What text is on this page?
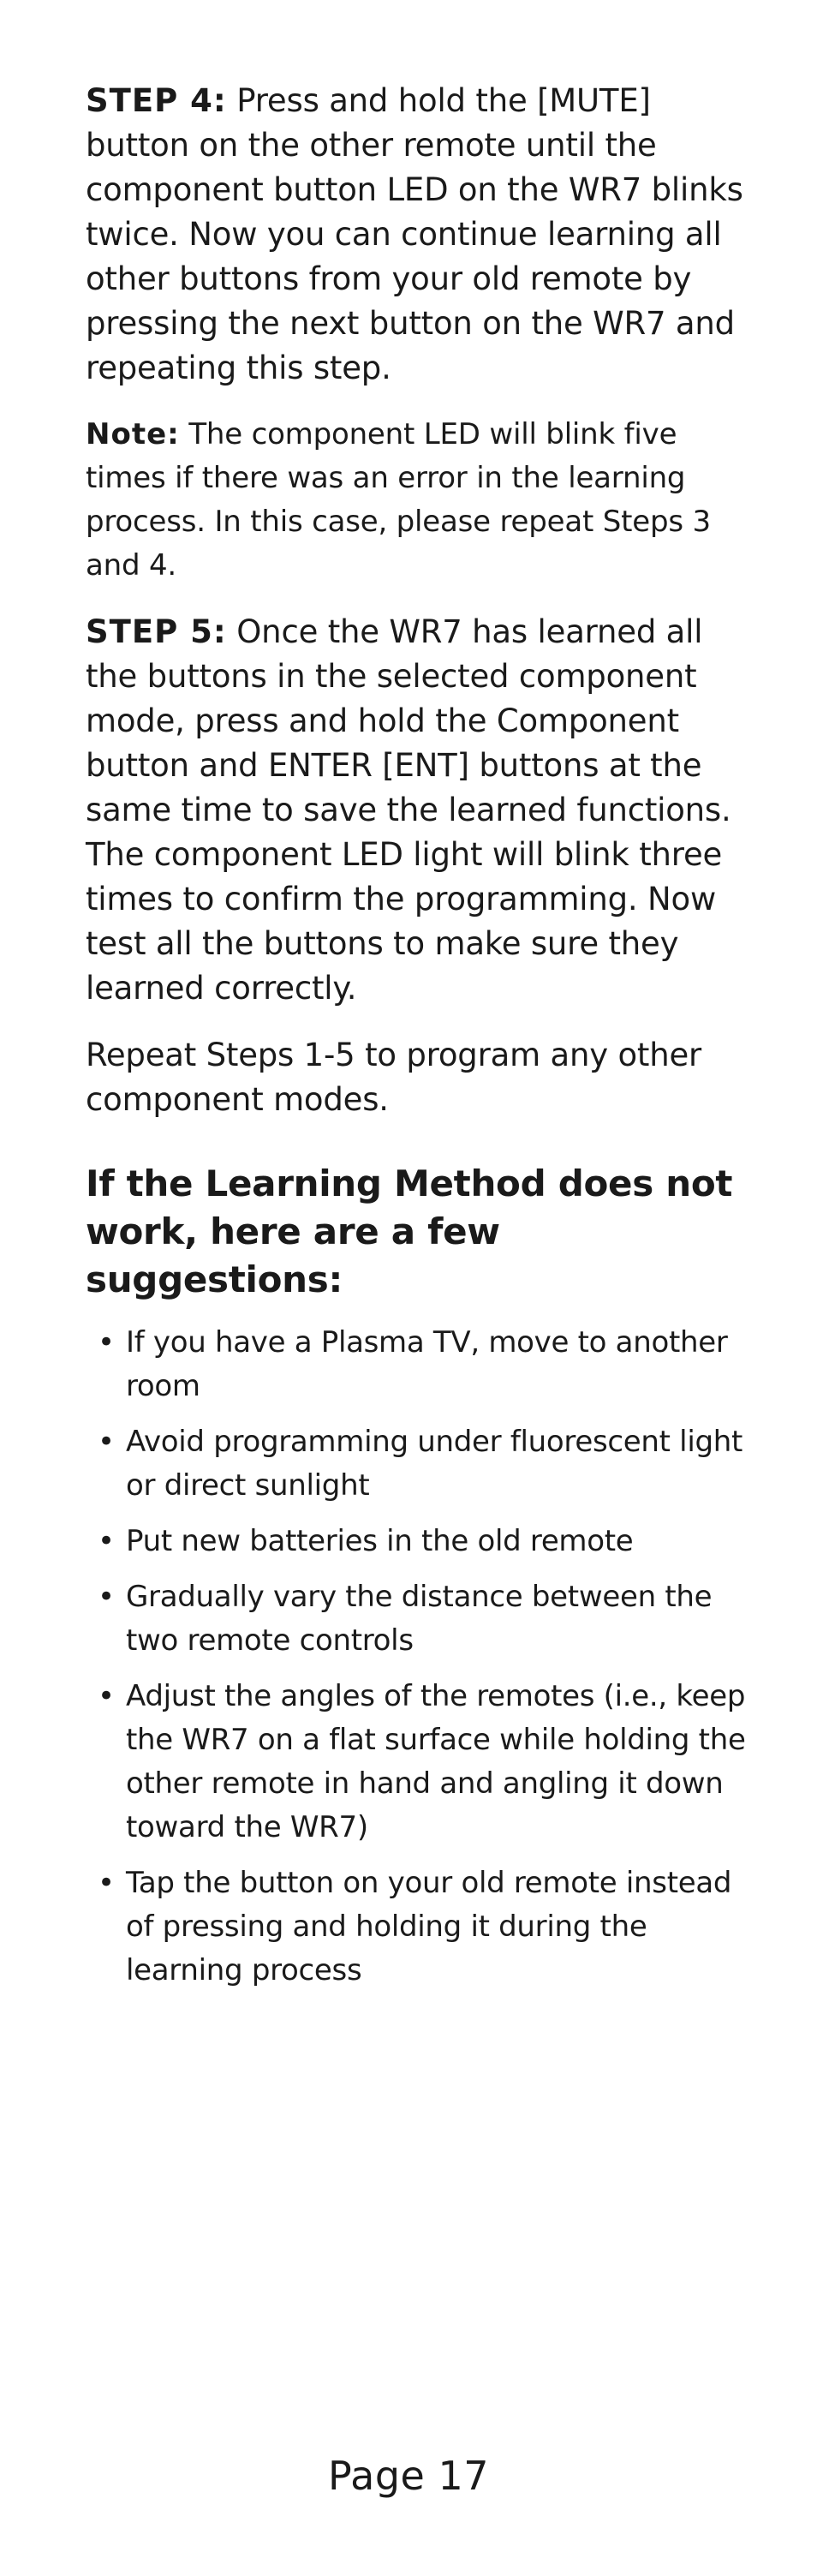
STEP 4: Press and hold the [MUTE] button on the other remote until the component button LED on the WR7 blinks twice. Now you can continue learning all other buttons from your old remote by pressing the next button on the WR7 and repeating this step.

Note: The component LED will blink five times if there was an error in the learning process. In this case, please repeat Steps 3 and 4.

STEP 5: Once the WR7 has learned all the buttons in the selected component mode, press and hold the Component button and ENTER [ENT] buttons at the same time to save the learned functions. The component LED light will blink three times to confirm the programming. Now test all the buttons to make sure they learned correctly.

Repeat Steps 1-5 to program any other component modes.

If the Learning Method does not work, here are a few suggestions:
• If you have a Plasma TV, move to another room
• Avoid programming under fluorescent light or direct sunlight
• Put new batteries in the old remote
• Gradually vary the distance between the two remote controls
• Adjust the angles of the remotes (i.e., keep the WR7 on a flat surface while holding the other remote in hand and angling it down toward the WR7)
• Tap the button on your old remote instead of pressing and holding it during the learning process
Page 17
